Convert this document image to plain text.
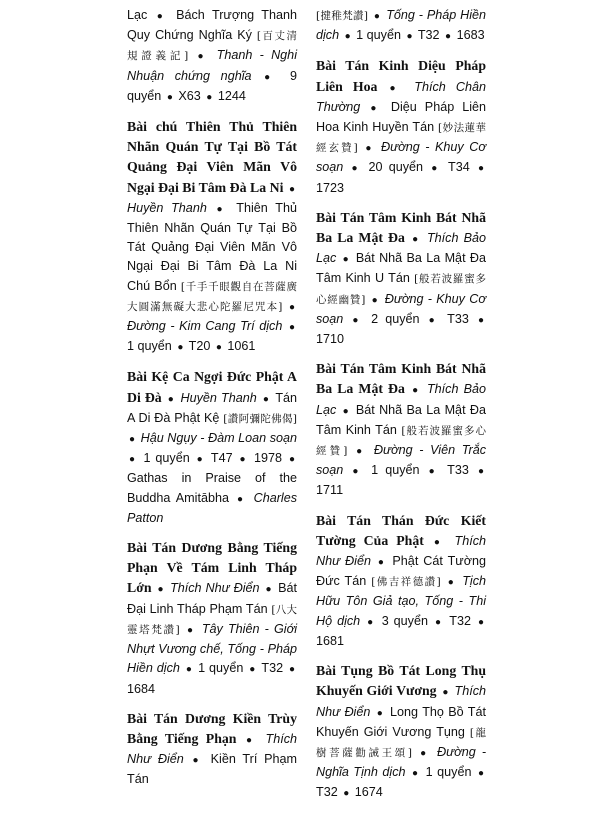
Lạc ● Bách Trượng Thanh Quy Chứng Nghĩa Ký [百丈清規證義記] ● Thanh - Nghi Nhuận chứng nghĩa ● 9 quyển ● X63 ● 1244

Bài chú Thiên Thủ Thiên Nhãn Quán Tự Tại Bồ Tát Quảng Đại Viên Mãn Vô Ngại Đại Bi Tâm Đà La Ni ● Huyền Thanh ● Thiên Thủ Thiên Nhãn Quán Tự Tại Bồ Tát Quảng Đại Viên Mãn Vô Ngại Đại Bi Tâm Đà La Ni Chú Bổn [千手千眼觀自在菩薩廣大圓滿無礙大悲心陀羅尼咒本] ● Đường - Kim Cang Trí dịch ● 1 quyển ● T20 ● 1061

Bài Kệ Ca Ngợi Đức Phật A Di Đà ● Huyền Thanh ● Tán A Di Đà Phật Kệ [讚阿彌陀佛偈] ● Hậu Ngụy - Đàm Loan soạn ● 1 quyển ● T47 ● 1978 ● Gathas in Praise of the Buddha Amitābha ● Charles Patton

Bài Tán Dương Bằng Tiếng Phạn Về Tám Linh Tháp Lớn ● Thích Như Điển ● Bát Đại Linh Tháp Phạm Tán [八大靈塔梵讚] ● Tây Thiên - Giới Nhựt Vương chế, Tống - Pháp Hiền dịch ● 1 quyển ● T32 ● 1684

Bài Tán Dương Kiền Trùy Bằng Tiếng Phạn ● Thích Như Điển ● Kiền Trí Phạm Tán

[揵稚梵讚] ● Tống - Pháp Hiền dịch ● 1 quyển ● T32 ● 1683

Bài Tán Kinh Diệu Pháp Liên Hoa ● Thích Chân Thường ● Diệu Pháp Liên Hoa Kinh Huyền Tán [妙法蓮華經玄贊] ● Đường - Khuy Cơ soạn ● 20 quyển ● T34 ● 1723

Bài Tán Tâm Kinh Bát Nhã Ba La Mật Đa ● Thích Bảo Lạc ● Bát Nhã Ba La Mật Đa Tâm Kinh U Tán [般若波羅蜜多心經幽贊] ● Đường - Khuy Cơ soạn ● 2 quyển ● T33 ● 1710

Bài Tán Tâm Kinh Bát Nhã Ba La Mật Đa ● Thích Bảo Lạc ● Bát Nhã Ba La Mật Đa Tâm Kinh Tán [般若波羅蜜多心經贊] ● Đường - Viên Trắc soạn ● 1 quyển ● T33 ● 1711

Bài Tán Thán Đức Kiết Tường Của Phật ● Thích Như Điển ● Phật Cát Tường Đức Tán [佛吉祥德讚] ● Tịch Hữu Tôn Giả tạo, Tống - Thi Hộ dịch ● 3 quyển ● T32 ● 1681

Bài Tụng Bồ Tát Long Thụ Khuyến Giới Vương ● Thích Như Điển ● Long Thọ Bồ Tát Khuyến Giới Vương Tụng [龍樹菩薩勸誡王頌] ● Đường - Nghĩa Tịnh dịch ● 1 quyển ● T32 ● 1674
